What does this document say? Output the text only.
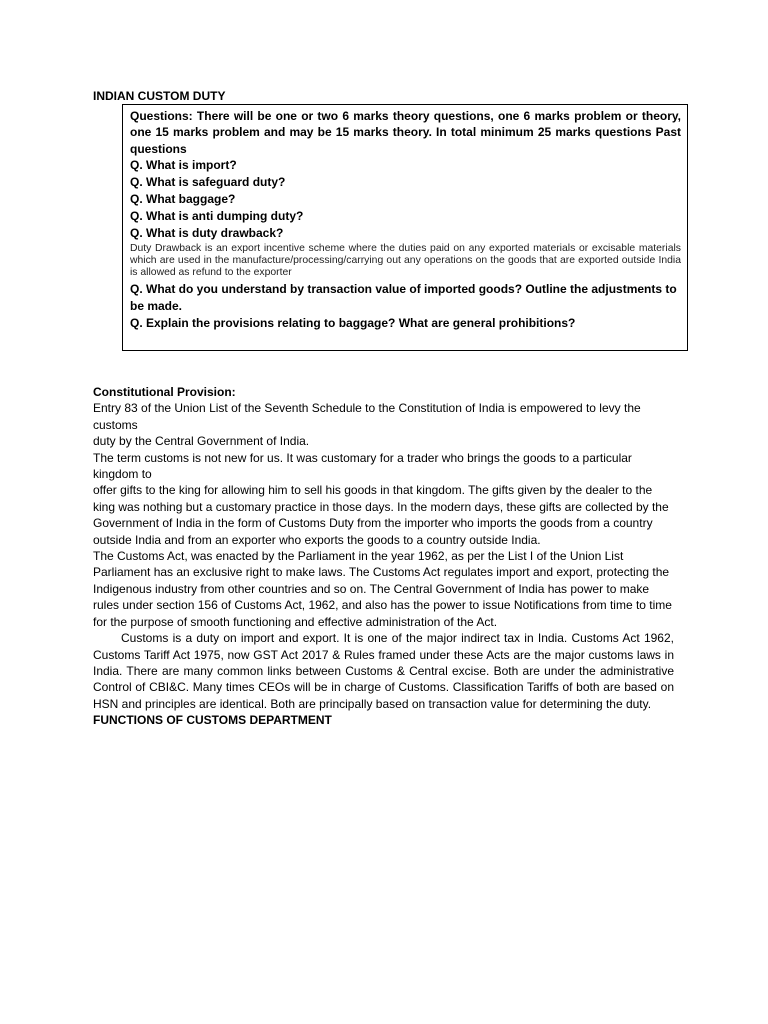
INDIAN CUSTOM DUTY

Questions: There will be one or two 6 marks theory questions, one 6 marks problem or theory, one 15 marks problem and may be 15 marks theory. In total minimum 25 marks questions Past questions

Q. What is import?

Q. What is safeguard duty?

Q. What baggage?

Q. What is anti dumping duty?

Q. What is duty drawback?

Duty Drawback is an export incentive scheme where the duties paid on any exported materials or excisable materials which are used in the manufacture/processing/carrying out any operations on the goods that are exported outside India is allowed as refund to the exporter

Q. What do you understand by transaction value of imported goods? Outline the adjustments to be made.

Q. Explain the provisions relating to baggage? What are general prohibitions?

Constitutional Provision:

Entry 83 of the Union List of the Seventh Schedule to the Constitution of India is empowered to levy the customs

duty by the Central Government of India.

The term customs is not new for us. It was customary for a trader who brings the goods to a particular kingdom to

offer gifts to the king for allowing him to sell his goods in that kingdom. The gifts given by the dealer to the king was nothing but a customary practice in those days. In the modern days, these gifts are collected by the Government of India in the form of Customs Duty from the importer who imports the goods from a country outside India and from an exporter who exports the goods to a country outside India.

The Customs Act, was enacted by the Parliament in the year 1962, as per the List I of the Union List Parliament has an exclusive right to make laws. The Customs Act regulates import and export, protecting the Indigenous industry from other countries and so on. The Central Government of India has power to make rules under section 156 of Customs Act, 1962, and also has the power to issue Notifications from time to time for the purpose of smooth functioning and effective administration of the Act.

Customs is a duty on import and export. It is one of the major indirect tax in India. Customs Act 1962, Customs Tariff Act 1975, now GST Act 2017 & Rules framed under these Acts are the major customs laws in India. There are many common links between Customs & Central excise. Both are under the administrative Control of CBI&C. Many times CEOs will be in charge of Customs. Classification Tariffs of both are based on HSN and principles are identical. Both are principally based on transaction value for determining the duty.

FUNCTIONS OF CUSTOMS DEPARTMENT
